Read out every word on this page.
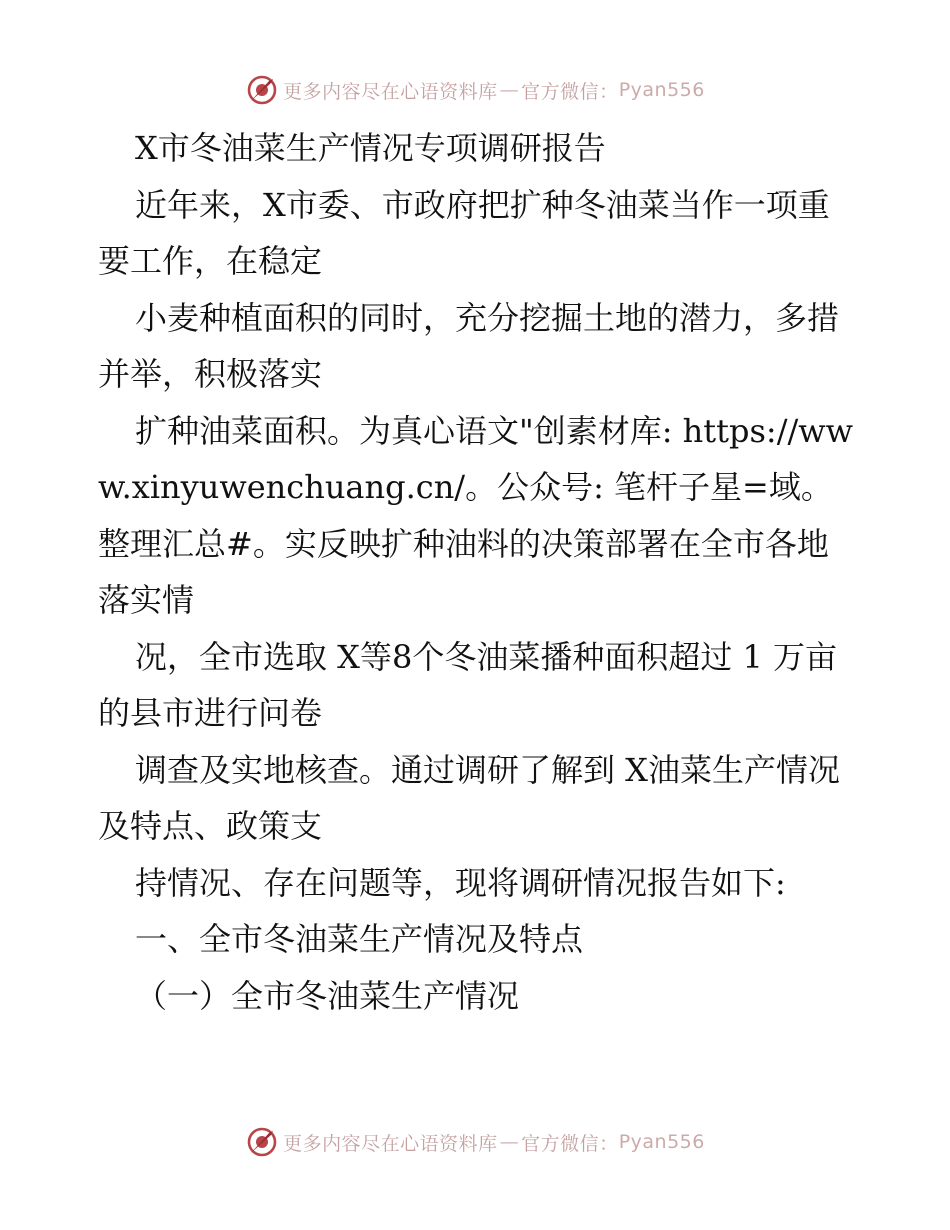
更多内容尽在心语资料库 — 官方微信： Pyan556

X市冬油菜生产情况专项调研报告

近年来，X市委、市政府把扩种冬油菜当作一项重要工作，在稳定

小麦种植面积的同时，充分挖掘土地的潜力，多措并举，积极落实

扩种油菜面积。为真心语文"创素材库: https://www.xinyuwenchuang.cn/。公众号: 笔杆子星=域。整理汇总#。实反映扩种油料的决策部署在全市各地落实情

况，全市选取 X等8个冬油菜播种面积超过 1 万亩的县市进行问卷

调查及实地核查。通过调研了解到 X油菜生产情况及特点、政策支

持情况、存在问题等，现将调研情况报告如下:

一、全市冬油菜生产情况及特点

（一）全市冬油菜生产情况

更多内容尽在心语资料库 — 官方微信： Pyan556
